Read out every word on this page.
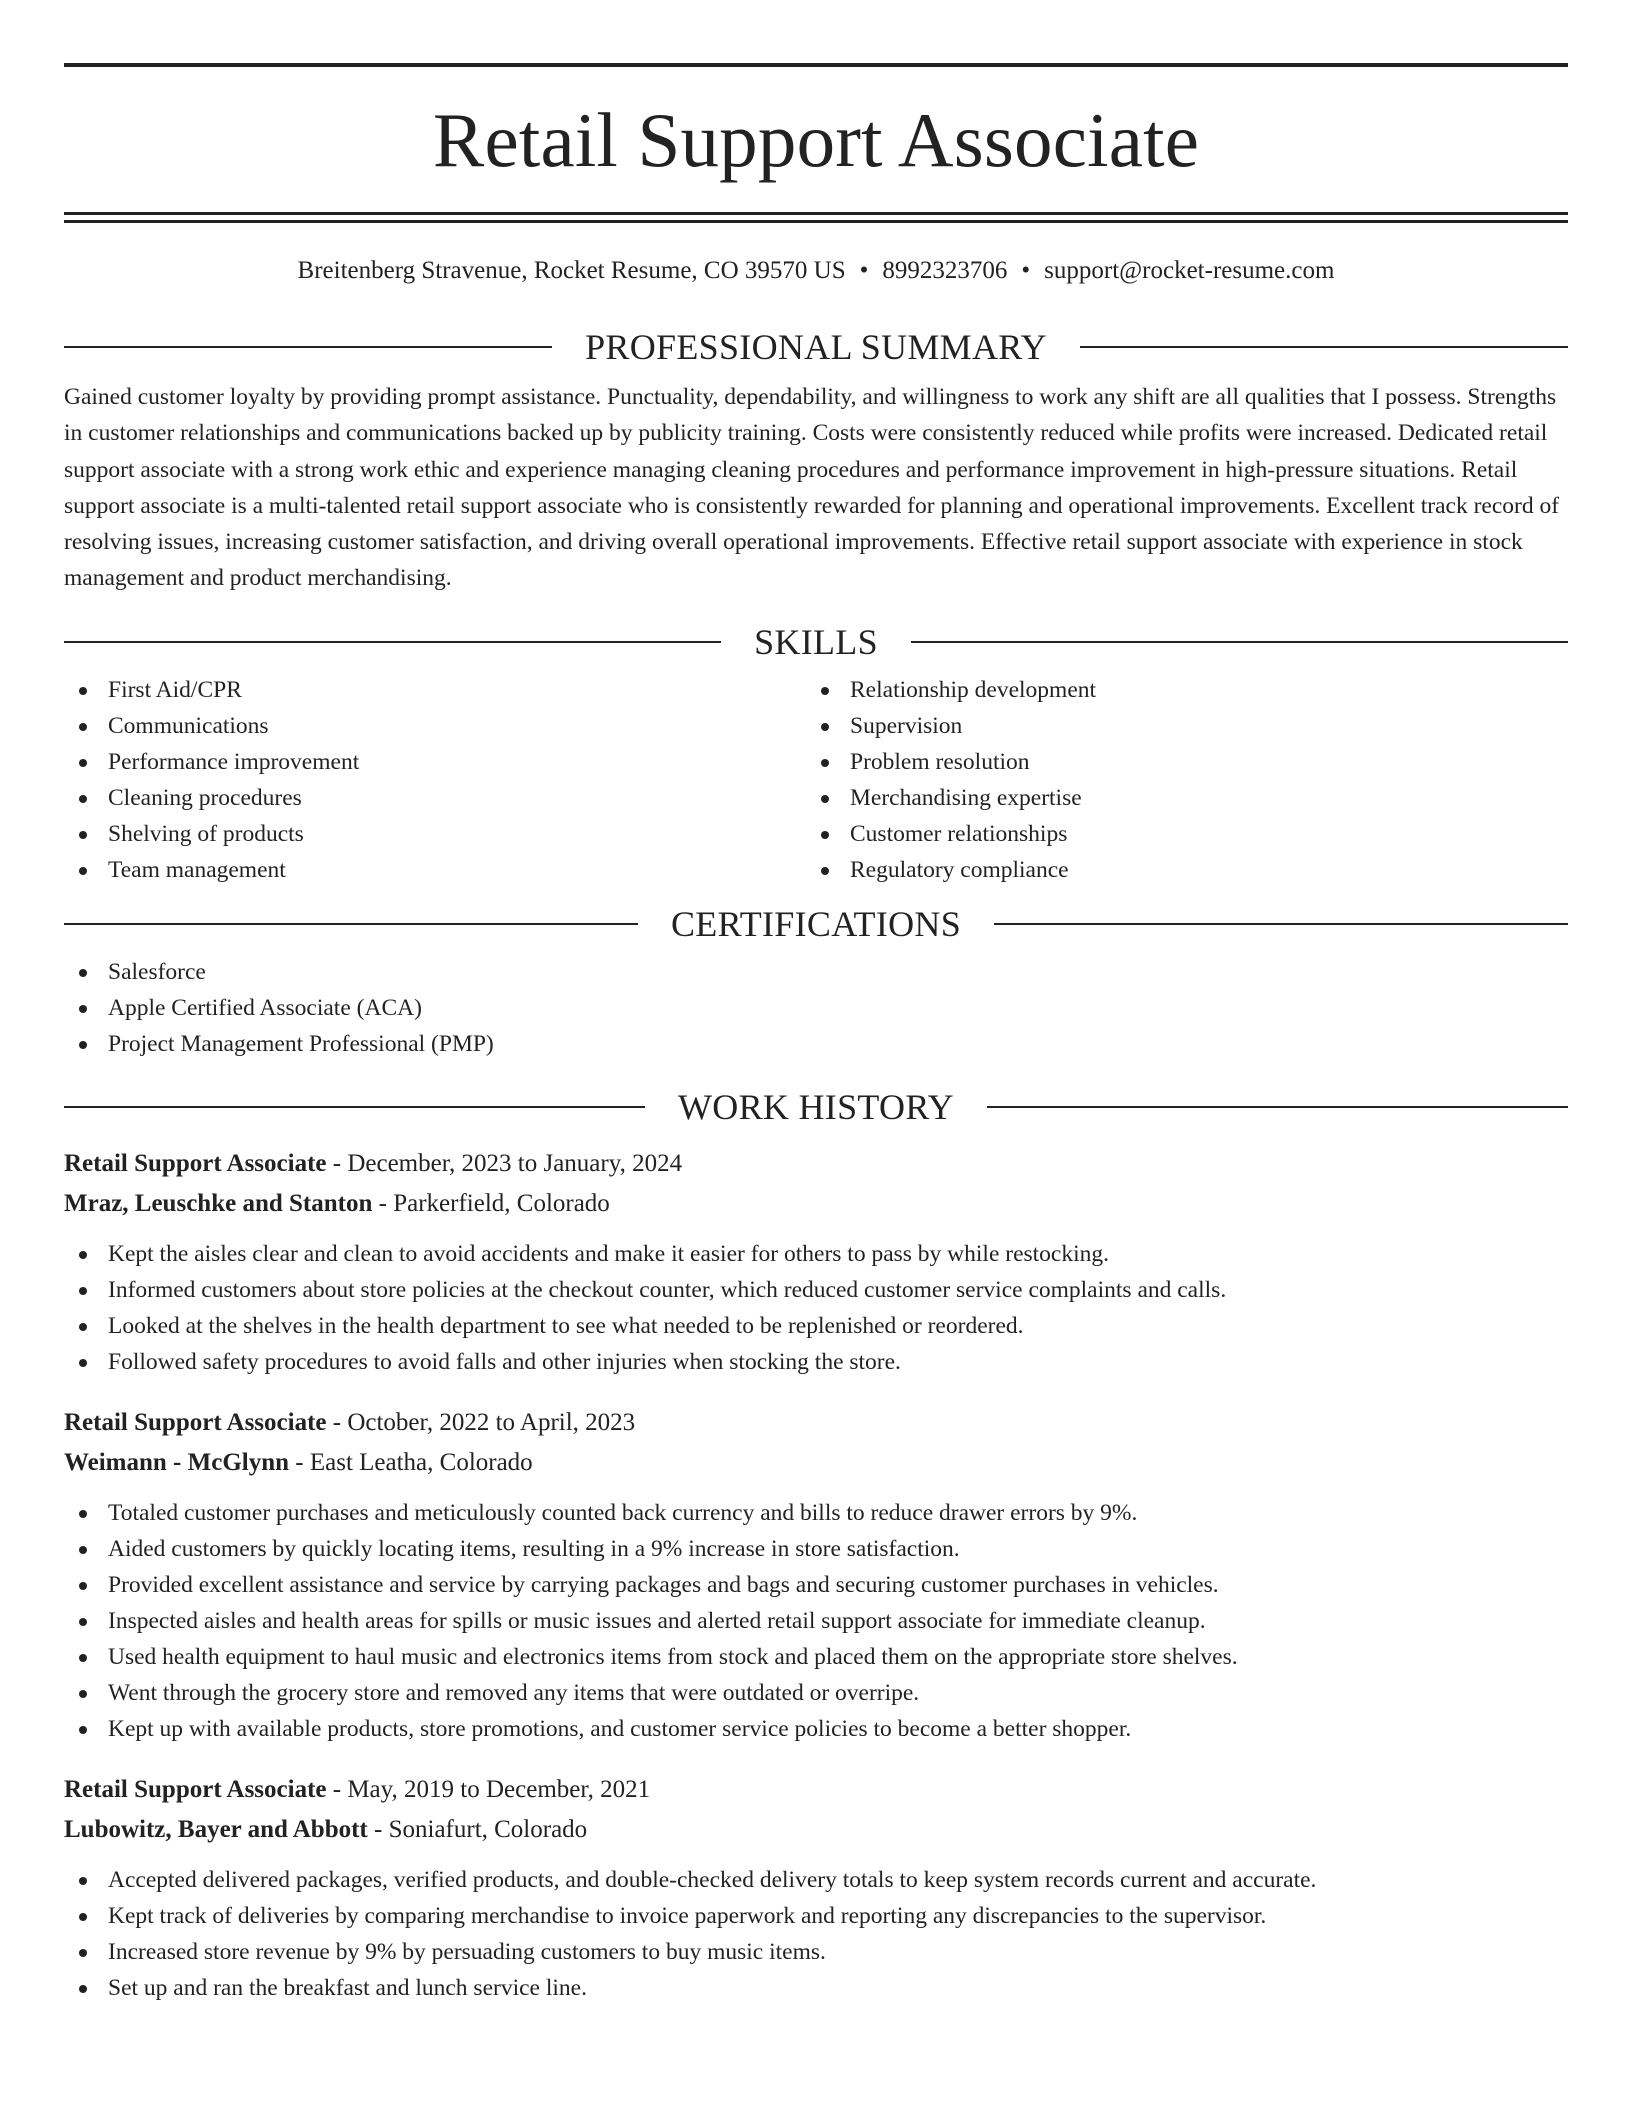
Retail Support Associate
Breitenberg Stravenue, Rocket Resume, CO 39570 US • 8992323706 • support@rocket-resume.com
PROFESSIONAL SUMMARY
Gained customer loyalty by providing prompt assistance. Punctuality, dependability, and willingness to work any shift are all qualities that I possess. Strengths in customer relationships and communications backed up by publicity training. Costs were consistently reduced while profits were increased. Dedicated retail support associate with a strong work ethic and experience managing cleaning procedures and performance improvement in high-pressure situations. Retail support associate is a multi-talented retail support associate who is consistently rewarded for planning and operational improvements. Excellent track record of resolving issues, increasing customer satisfaction, and driving overall operational improvements. Effective retail support associate with experience in stock management and product merchandising.
SKILLS
First Aid/CPR
Communications
Performance improvement
Cleaning procedures
Shelving of products
Team management
Relationship development
Supervision
Problem resolution
Merchandising expertise
Customer relationships
Regulatory compliance
CERTIFICATIONS
Salesforce
Apple Certified Associate (ACA)
Project Management Professional (PMP)
WORK HISTORY
Retail Support Associate - December, 2023 to January, 2024
Mraz, Leuschke and Stanton - Parkerfield, Colorado
Kept the aisles clear and clean to avoid accidents and make it easier for others to pass by while restocking.
Informed customers about store policies at the checkout counter, which reduced customer service complaints and calls.
Looked at the shelves in the health department to see what needed to be replenished or reordered.
Followed safety procedures to avoid falls and other injuries when stocking the store.
Retail Support Associate - October, 2022 to April, 2023
Weimann - McGlynn - East Leatha, Colorado
Totaled customer purchases and meticulously counted back currency and bills to reduce drawer errors by 9%.
Aided customers by quickly locating items, resulting in a 9% increase in store satisfaction.
Provided excellent assistance and service by carrying packages and bags and securing customer purchases in vehicles.
Inspected aisles and health areas for spills or music issues and alerted retail support associate for immediate cleanup.
Used health equipment to haul music and electronics items from stock and placed them on the appropriate store shelves.
Went through the grocery store and removed any items that were outdated or overripe.
Kept up with available products, store promotions, and customer service policies to become a better shopper.
Retail Support Associate - May, 2019 to December, 2021
Lubowitz, Bayer and Abbott - Soniafurt, Colorado
Accepted delivered packages, verified products, and double-checked delivery totals to keep system records current and accurate.
Kept track of deliveries by comparing merchandise to invoice paperwork and reporting any discrepancies to the supervisor.
Increased store revenue by 9% by persuading customers to buy music items.
Set up and ran the breakfast and lunch service line.
